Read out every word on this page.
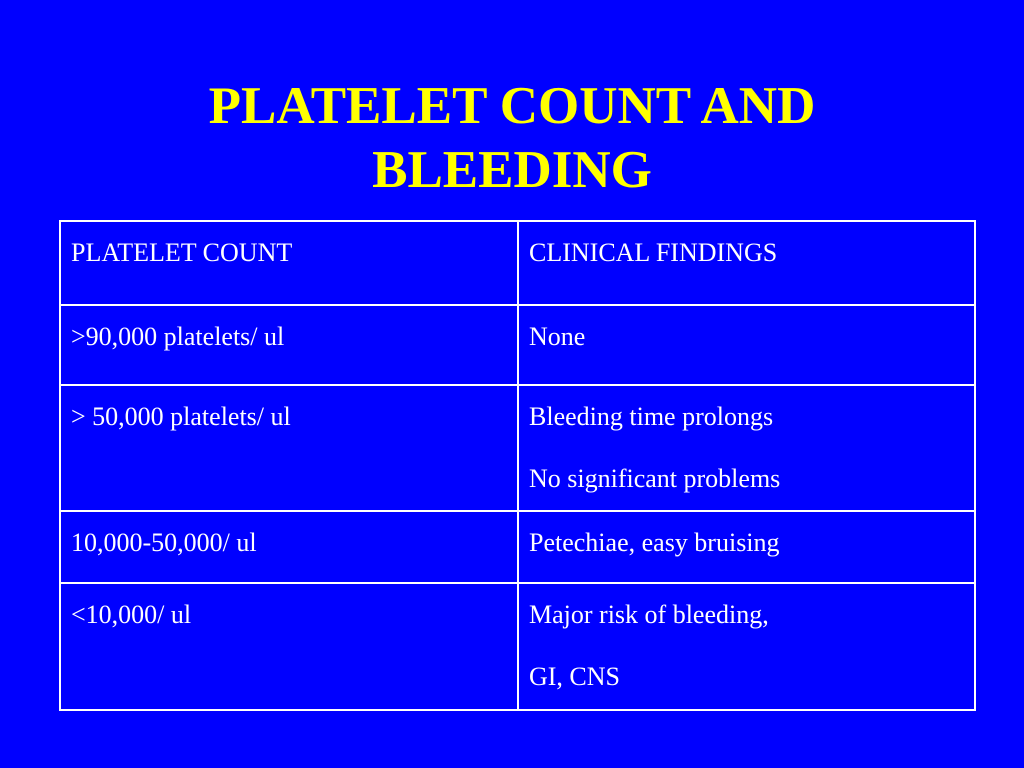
PLATELET COUNT AND
BLEEDING
PLATELET COUNT	CLINICAL FINDINGS
>90,000 platelets/ ul	None

> 50,000 platelets/ ul	Bleeding time prolongs
No significant problems

10,000-50,000/ ul	Petechiae, easy bruising

<10,000/ ul	Major risk of bleeding,
GI, CNS
